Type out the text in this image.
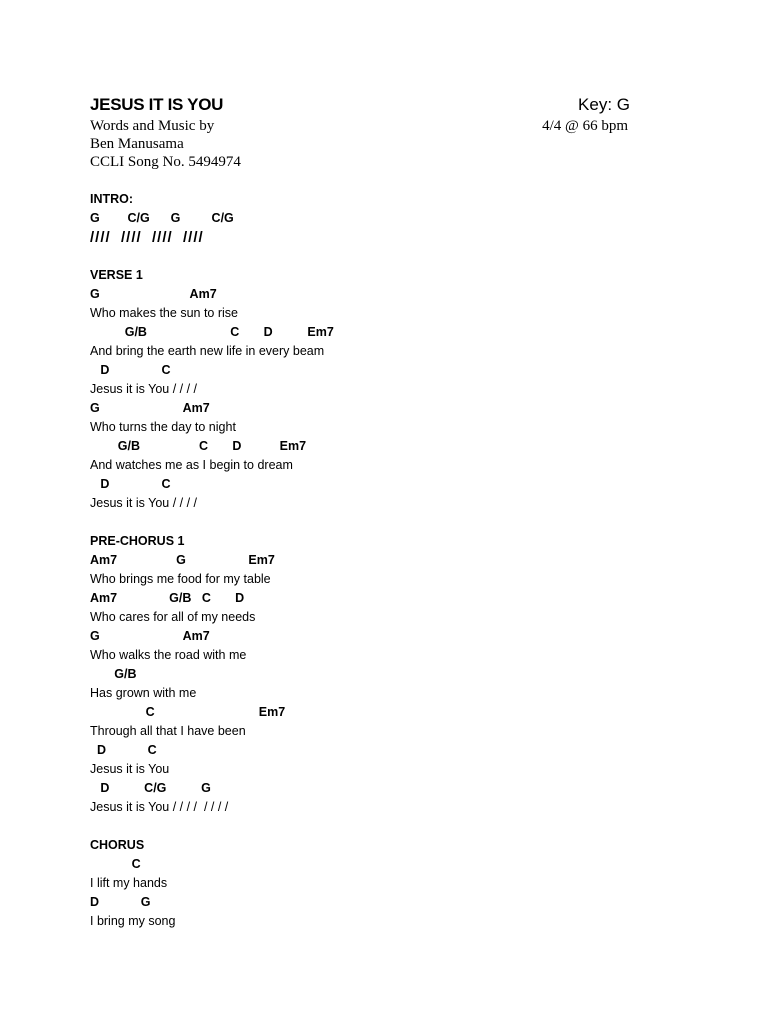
JESUS IT IS YOU	Key: G
Words and Music by
Ben Manusama
CCLI Song No. 5494974
4/4 @ 66 bpm
INTRO:
G        C/G      G         C/G
////  ////  ////  ////
VERSE 1
G                          Am7
Who makes the sun to rise
G/B                        C       D          Em7
And bring the earth new life in every beam
D               C
Jesus it is You / / / /
G                        Am7
Who turns the day to night
G/B                 C       D           Em7
And watches me as I begin to dream
D               C
Jesus it is You / / / /
PRE-CHORUS 1
Am7                 G                  Em7
Who brings me food for my table
Am7               G/B   C       D
Who cares for all of my needs
G                        Am7
Who walks the road with me
G/B
Has grown with me
C                              Em7
Through all that I have been
D            C
Jesus it is You
D          C/G          G
Jesus it is You / / / /  / / / /
CHORUS
C
I lift my hands
D            G
I bring my song
